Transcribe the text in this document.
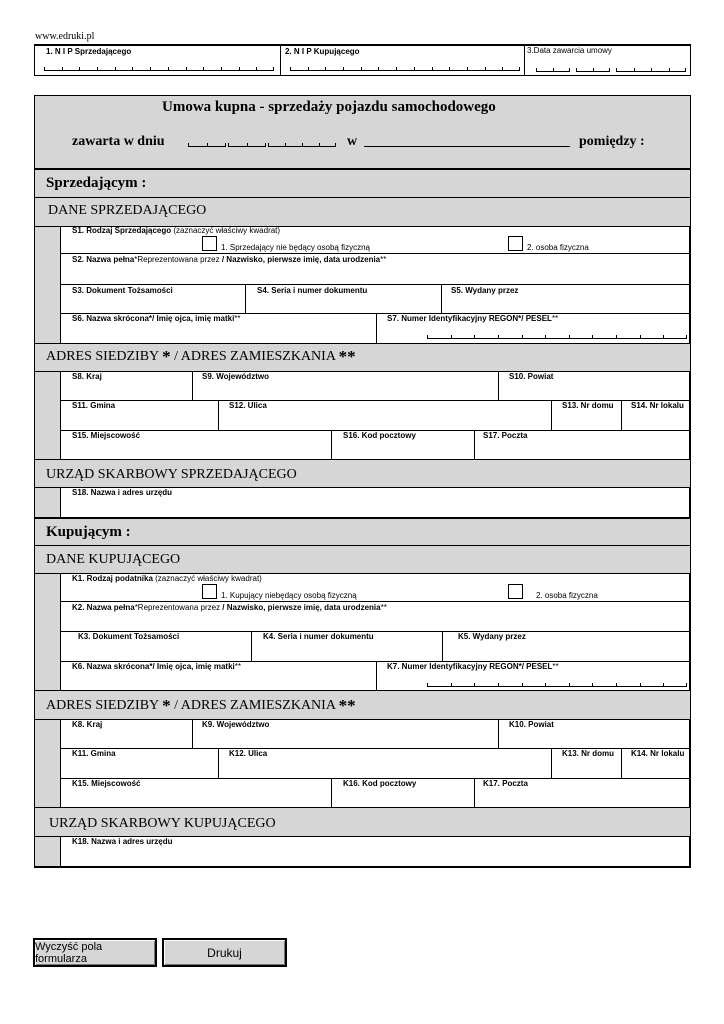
www.edruki.pl
1. N I P Sprzedającego	2. N I P Kupującego	3.Data zawarcia umowy
Umowa kupna - sprzedaży pojazdu samochodowego
zawarta w dniu	w	pomiędzy :
Sprzedającym :
DANE SPRZEDAJĄCEGO
S1. Rodzaj Sprzedającego (zaznaczyć właściwy kwadrat)
1. Sprzedający nie będący osobą fizyczną	2. osoba fizyczna
S2. Nazwa pełna*Reprezentowana przez / Nazwisko, pierwsze imię, data urodzenia**
S3. Dokument Tożsamości	S4. Seria i numer dokumentu	S5. Wydany przez
S6. Nazwa skrócona*/ Imię ojca, imię matki**	S7. Numer Identyfikacyjny REGON*/ PESEL**
ADRES SIEDZIBY * / ADRES ZAMIESZKANIA **
S8. Kraj	S9. Województwo	S10. Powiat
S11. Gmina	S12. Ulica	S13. Nr domu S14. Nr lokalu
S15. Miejscowość	S16. Kod pocztowy	S17. Poczta
URZĄD SKARBOWY SPRZEDAJĄCEGO
S18. Nazwa i adres urzędu
Kupującym :
DANE KUPUJĄCEGO
K1. Rodzaj podatnika (zaznaczyć właściwy kwadrat)
1. Kupujący niebędący osobą fizyczną	2. osoba fizyczna
K2. Nazwa pełna*Reprezentowana przez / Nazwisko, pierwsze imię, data urodzenia**
K3. Dokument Tożsamości	K4. Seria i numer dokumentu	K5. Wydany przez
K6. Nazwa skrócona*/ Imię ojca, imię matki**	K7. Numer Identyfikacyjny REGON*/ PESEL**
ADRES SIEDZIBY * / ADRES ZAMIESZKANIA **
K8. Kraj	K9. Województwo	K10. Powiat
K11. Gmina	K12. Ulica	K13. Nr domu K14. Nr lokalu
K15. Miejscowość	K16. Kod pocztowy	K17. Poczta
URZĄD SKARBOWY KUPUJĄCEGO
K18. Nazwa i adres urzędu
Wyczyść pola formularza	Drukuj
